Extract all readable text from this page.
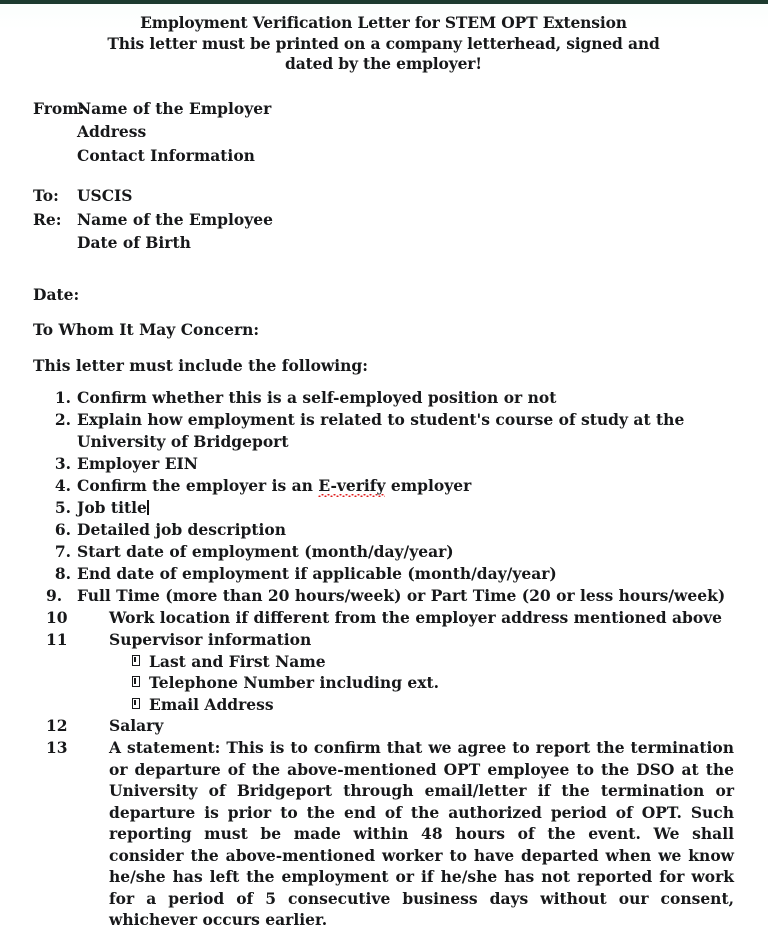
Employment Verification Letter for STEM OPT Extension
This letter must be printed on a company letterhead, signed and
dated by the employer!
From:Name of the Employer
Address
Contact Information
To: USCIS
Re: Name of the Employee
Date of Birth

Date:

To Whom It May Concern:

This letter must include the following:

1. Confirm whether this is a self-employed position or not
2. Explain how employment is related to student's course of study at the University of Bridgeport
3. Employer EIN
4. Confirm the employer is an E-verify employer
5. Job title
6. Detailed job description
7. Start date of employment (month/day/year)
8. End date of employment if applicable (month/day/year)
9. Full Time (more than 20 hours/week) or Part Time (20 or less hours/week)
10	Work location if different from the employer address mentioned above
11	Supervisor information
Last and First Name
Telephone Number including ext.
Email Address
12	Salary
13	A statement: This is to confirm that we agree to report the termination or departure of the above-mentioned OPT employee to the DSO at the University of Bridgeport through email/letter if the termination or departure is prior to the end of the authorized period of OPT. Such reporting must be made within 48 hours of the event. We shall consider the above-mentioned worker to have departed when we know he/she has left the employment or if he/she has not reported for work for a period of 5 consecutive business days without our consent, whichever occurs earlier.
